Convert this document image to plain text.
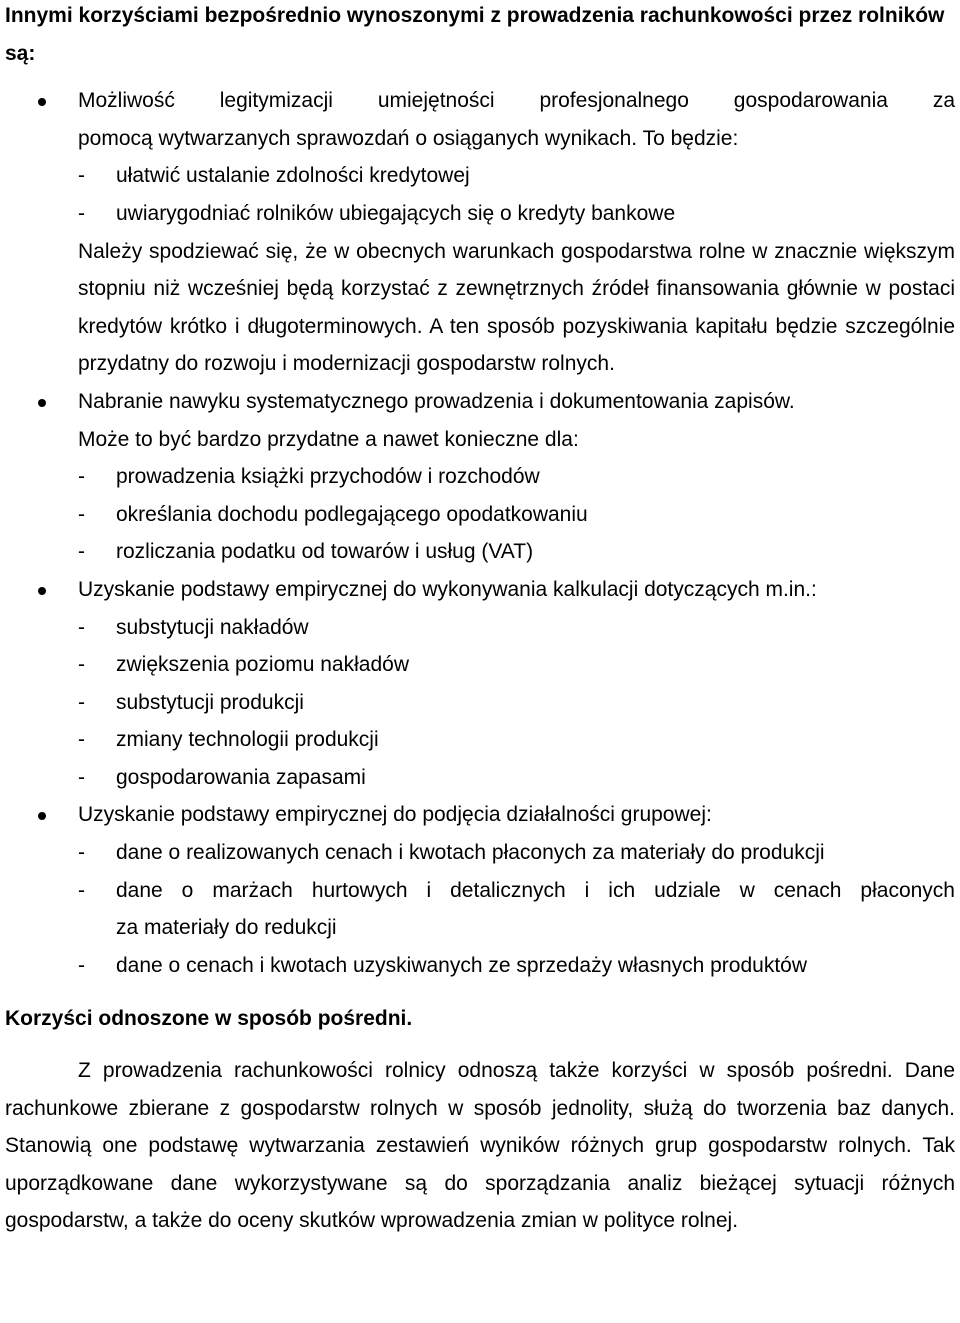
Innymi korzyściami bezpośrednio wynoszonymi z prowadzenia rachunkowości przez rolników są:

Możliwość legitymizacji umiejętności profesjonalnego gospodarowania za
pomocą wytwarzanych sprawozdań o osiąganych wynikach. To będzie:
- ułatwić ustalanie zdolności kredytowej
- uwiarygodniać rolników ubiegających się o kredyty bankowe
Należy spodziewać się, że w obecnych warunkach gospodarstwa rolne w znacznie większym stopniu niż wcześniej będą korzystać z zewnętrznych źródeł finansowania głównie w postaci kredytów krótko i długoterminowych. A ten sposób pozyskiwania kapitału będzie szczególnie przydatny do rozwoju i modernizacji gospodarstw rolnych.
Nabranie nawyku systematycznego prowadzenia i dokumentowania zapisów.
Może to być bardzo przydatne a nawet konieczne dla:
- prowadzenia książki przychodów i rozchodów
- określania dochodu podlegającego opodatkowaniu
- rozliczania podatku od towarów i usług (VAT)
Uzyskanie podstawy empirycznej do wykonywania kalkulacji dotyczących m.in.:
- substytucji nakładów
- zwiększenia poziomu nakładów
- substytucji produkcji
- zmiany technologii produkcji
- gospodarowania zapasami
Uzyskanie podstawy empirycznej do podjęcia działalności grupowej:
- dane o realizowanych cenach i kwotach płaconych za materiały do produkcji
- dane o marżach hurtowych i detalicznych i ich udziale w cenach płaconych
za materiały do redukcji
- dane o cenach i kwotach uzyskiwanych ze sprzedaży własnych produktów

Korzyści odnoszone w sposób pośredni.

Z prowadzenia rachunkowości rolnicy odnoszą także korzyści w sposób pośredni. Dane rachunkowe zbierane z gospodarstw rolnych w sposób jednolity, służą do tworzenia baz danych. Stanowią one podstawę wytwarzania zestawień wyników różnych grup gospodarstw rolnych. Tak uporządkowane dane wykorzystywane są do sporządzania analiz bieżącej sytuacji różnych gospodarstw, a także do oceny skutków wprowadzenia zmian w polityce rolnej.
